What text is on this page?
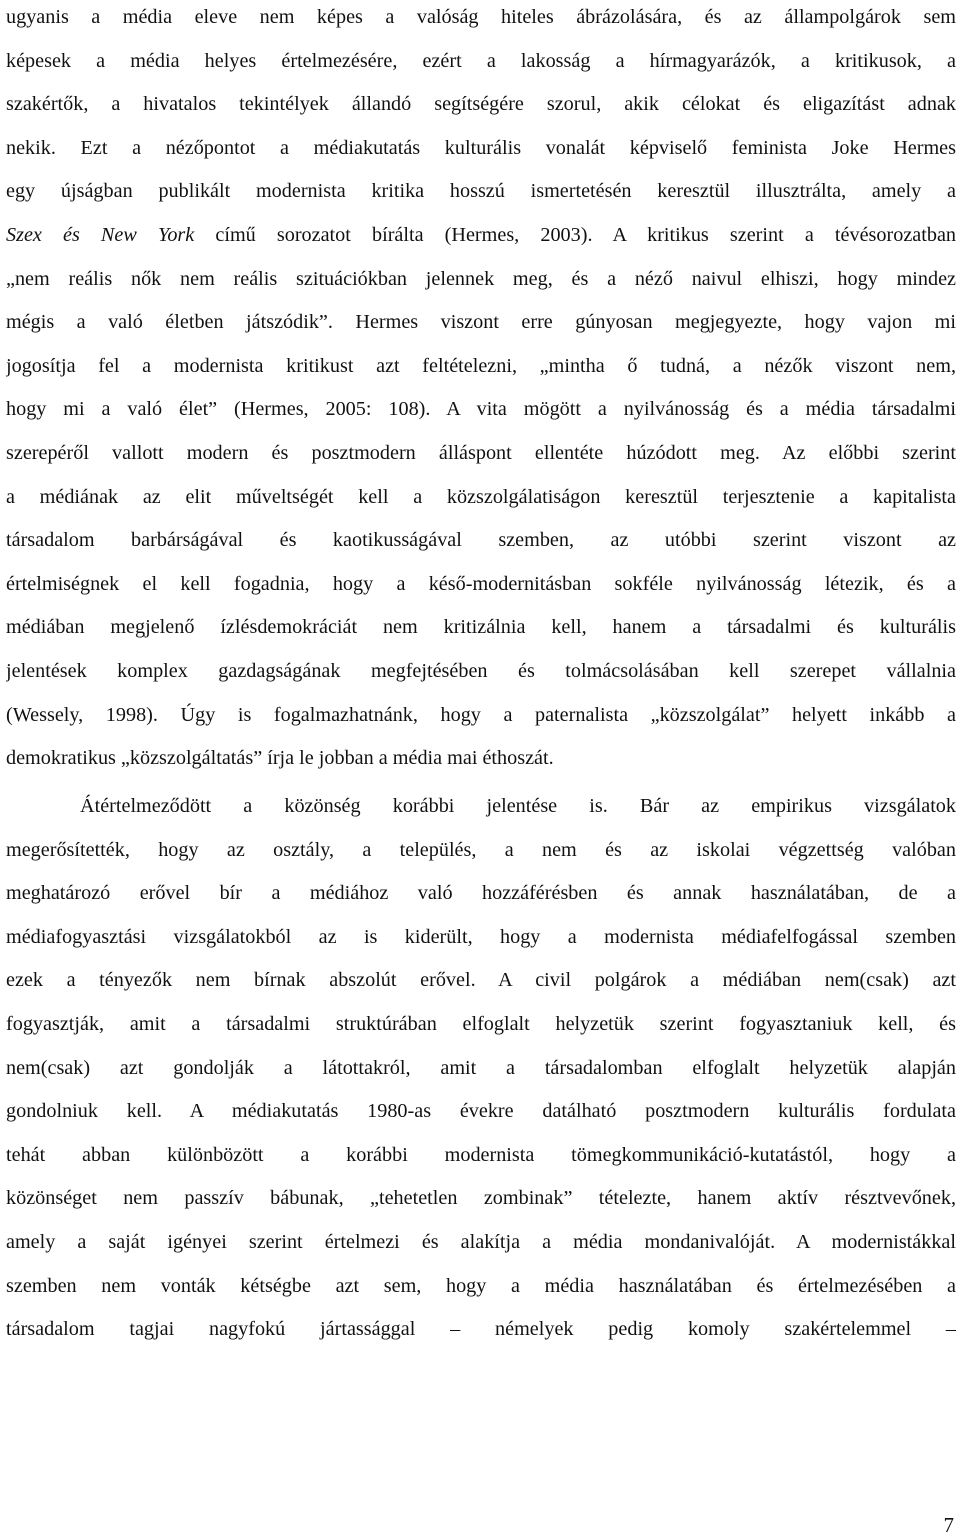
ugyanis a média eleve nem képes a valóság hiteles ábrázolására, és az állampolgárok sem
képesek a média helyes értelmezésére, ezért a lakosság a hírmagyarázók, a kritikusok, a
szakértők, a hivatalos tekintélyek állandó segítségére szorul, akik célokat és eligazítást adnak
nekik. Ezt a nézőpontot a médiakutatás kulturális vonalát képviselő feminista Joke Hermes
egy újságban publikált modernista kritika hosszú ismertetésén keresztül illusztrálta, amely a
Szex és New York című sorozatot bírálta (Hermes, 2003). A kritikus szerint a tévésorozatban
„nem reális nők nem reális szituációkban jelennek meg, és a néző naivul elhiszi, hogy mindez
mégis a való életben játszódik”. Hermes viszont erre gúnyosan megjegyezte, hogy vajon mi
jogosítja fel a modernista kritikust azt feltételezni, „mintha ő tudná, a nézők viszont nem,
hogy mi a való élet” (Hermes, 2005: 108). A vita mögött a nyilvánosság és a média társadalmi
szerepéről vallott modern és posztmodern álláspont ellentéte húzódott meg. Az előbbi szerint
a médiának az elit műveltségét kell a közszolgálatiságon keresztül terjesztenie a kapitalista
társadalom barbárságával és kaotikusságával szemben, az utóbbi szerint viszont az
értelmiségnek el kell fogadnia, hogy a késő-modernitásban sokféle nyilvánosság létezik, és a
médiában megjelenő ízlésdemokráciát nem kritizálnia kell, hanem a társadalmi és kulturális
jelentések komplex gazdagságának megfejtésében és tolmácsolásában kell szerepet vállalnia
(Wessely, 1998). Úgy is fogalmazhatnánk, hogy a paternalista „közszolgálat” helyett inkább a
demokratikus „közszolgáltatás” írja le jobban a média mai éthoszát.

Átértelmeződött a közönség korábbi jelentése is. Bár az empirikus vizsgálatok
megerősítették, hogy az osztály, a település, a nem és az iskolai végzettség valóban
meghatározó erővel bír a médiához való hozzáférésben és annak használatában, de a
médiafogyasztási vizsgálatokból az is kiderült, hogy a modernista médiafelfogással szemben
ezek a tényezők nem bírnak abszolút erővel. A civil polgárok a médiában nem(csak) azt
fogyasztják, amit a társadalmi struktúrában elfoglalt helyzetük szerint fogyasztaniuk kell, és
nem(csak) azt gondolják a látottakról, amit a társadalomban elfoglalt helyzetük alapján
gondolniuk kell. A médiakutatás 1980-as évekre datálható posztmodern kulturális fordulata
tehát abban különbözött a korábbi modernista tömegkommunikáció-kutatástól, hogy a
közönséget nem passzív bábunak, „tehetetlen zombinak” tételezte, hanem aktív résztvevőnek,
amely a saját igényei szerint értelmezi és alakítja a média mondanivalóját. A modernistákkal
szemben nem vonták kétségbe azt sem, hogy a média használatában és értelmezésében a
társadalom tagjai nagyfokú jártassággal – némelyek pedig komoly szakértelemmel –

7
